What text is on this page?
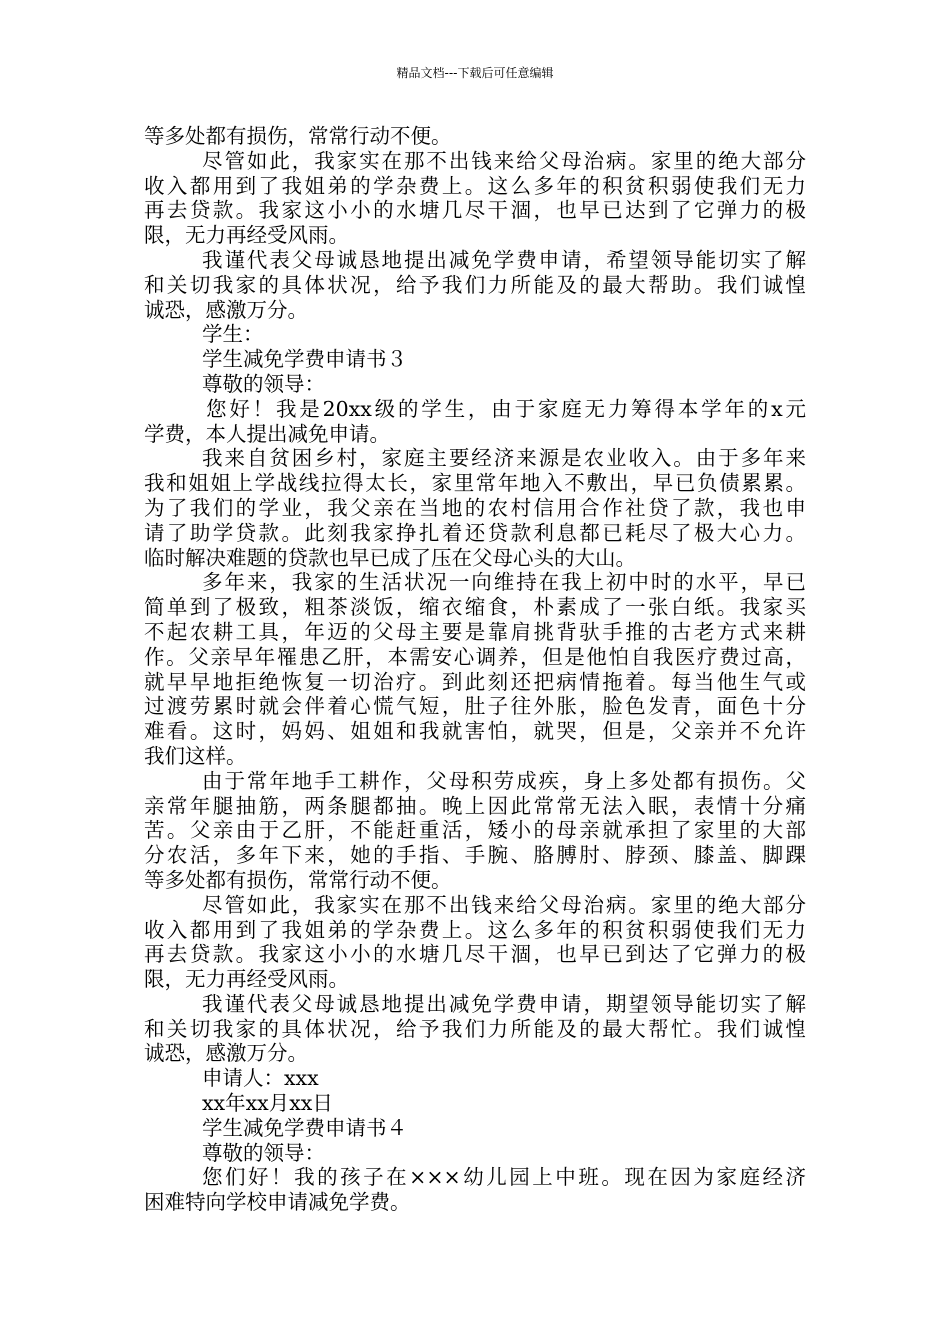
精品文档---下载后可任意编辑
等多处都有损伤，常常行动不便。
尽管如此，我家实在那不出钱来给父母治病。家里的绝大部分
收入都用到了我姐弟的学杂费上。这么多年的积贫积弱使我们无力
再去贷款。我家这小小的水塘几尽干涸，也早已达到了它弹力的极
限，无力再经受风雨。
我谨代表父母诚恳地提出减免学费申请，希望领导能切实了解
和关切我家的具体状况，给予我们力所能及的最大帮助。我们诚惶
诚恐，感激万分。
学生：
学生减免学费申请书３
尊敬的领导：
您好！我是20xx级的学生，由于家庭无力筹得本学年的x元
学费，本人提出减免申请。
我来自贫困乡村，家庭主要经济来源是农业收入。由于多年来
我和姐姐上学战线拉得太长，家里常年地入不敷出，早已负债累累。
为了我们的学业，我父亲在当地的农村信用合作社贷了款，我也申
请了助学贷款。此刻我家挣扎着还贷款利息都已耗尽了极大心力。
临时解决难题的贷款也早已成了压在父母心头的大山。
多年来，我家的生活状况一向维持在我上初中时的水平，早已
简单到了极致，粗茶淡饭，缩衣缩食，朴素成了一张白纸。我家买
不起农耕工具，年迈的父母主要是靠肩挑背驮手推的古老方式来耕
作。父亲早年罹患乙肝，本需安心调养，但是他怕自我医疗费过高，
就早早地拒绝恢复一切治疗。到此刻还把病情拖着。每当他生气或
过渡劳累时就会伴着心慌气短，肚子往外胀，脸色发青，面色十分
难看。这时，妈妈、姐姐和我就害怕，就哭，但是，父亲并不允许
我们这样。
由于常年地手工耕作，父母积劳成疾，身上多处都有损伤。父
亲常年腿抽筋，两条腿都抽。晚上因此常常无法入眠，表情十分痛
苦。父亲由于乙肝，不能赶重活，矮小的母亲就承担了家里的大部
分农活，多年下来，她的手指、手腕、胳膊肘、脖颈、膝盖、脚踝
等多处都有损伤，常常行动不便。
尽管如此，我家实在那不出钱来给父母治病。家里的绝大部分
收入都用到了我姐弟的学杂费上。这么多年的积贫积弱使我们无力
再去贷款。我家这小小的水塘几尽干涸，也早已到达了它弹力的极
限，无力再经受风雨。
我谨代表父母诚恳地提出减免学费申请，期望领导能切实了解
和关切我家的具体状况，给予我们力所能及的最大帮忙。我们诚惶
诚恐，感激万分。
申请人：xxx
xx年xx月xx日
学生减免学费申请书４
尊敬的领导：
您们好！我的孩子在×××幼儿园上中班。现在因为家庭经济
困难特向学校申请减免学费。
